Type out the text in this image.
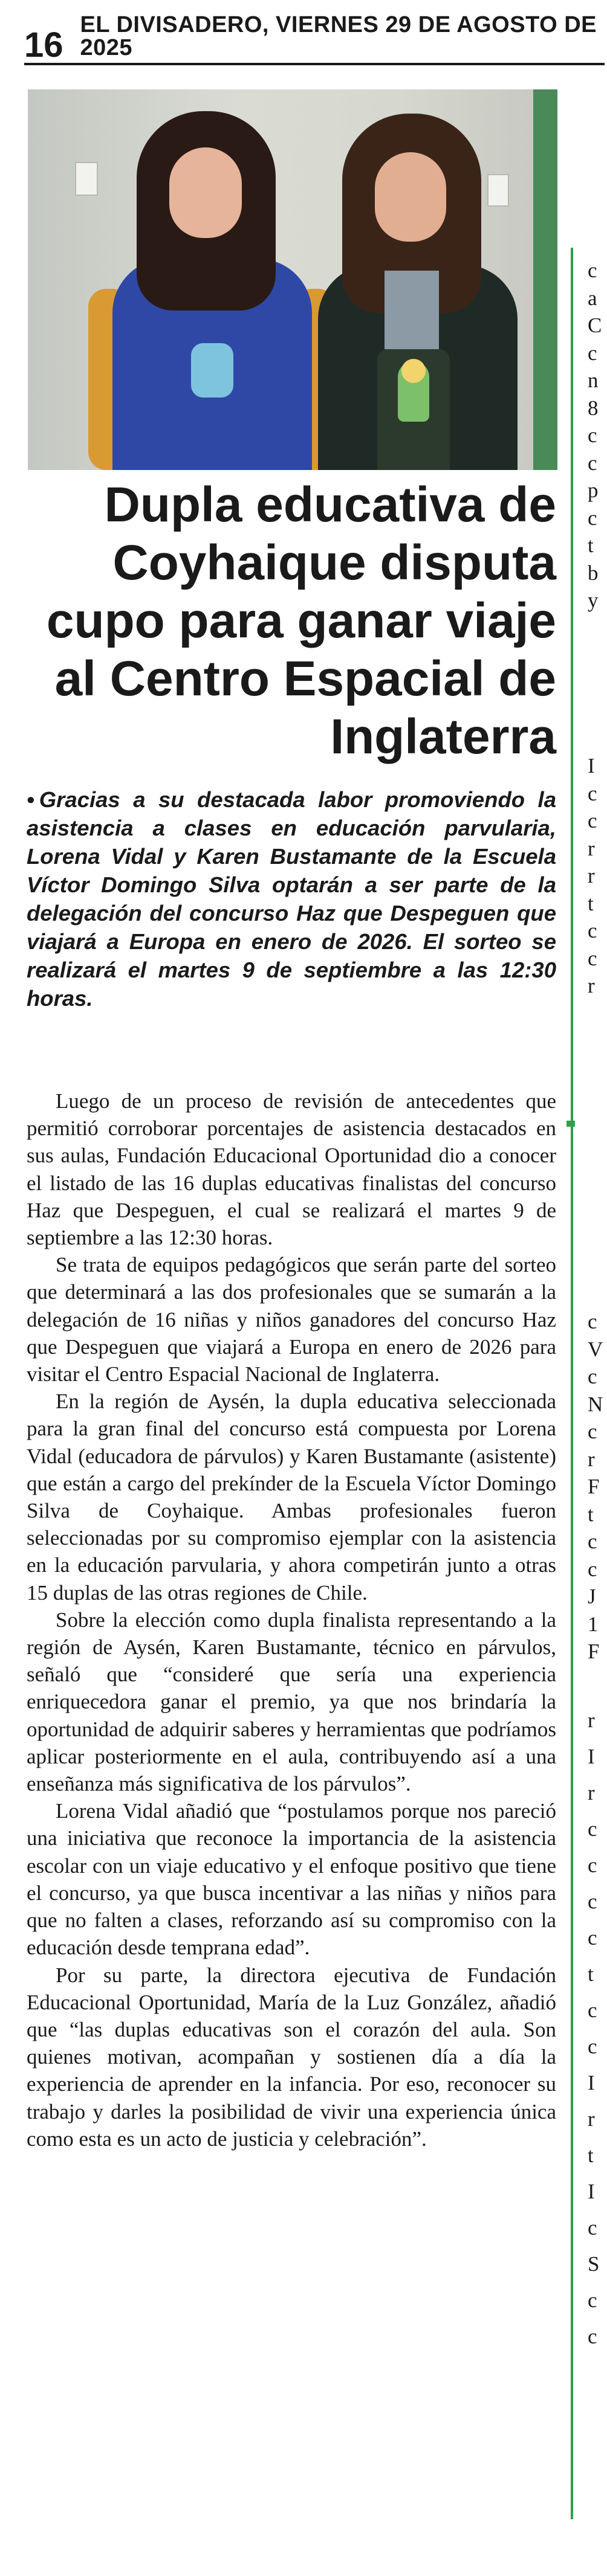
16
EL DIVISADERO, VIERNES 29 DE AGOSTO DE 2025
Dupla educativa de Coyhaique disputa cupo para ganar viaje al Centro Espacial de Inglaterra

• Gracias a su destacada labor promoviendo la asistencia a clases en educación parvularia, Lorena Vidal y Karen Bustamante de la Escuela Víctor Domingo Silva optarán a ser parte de la delegación del concurso Haz que Despeguen que viajará a Europa en enero de 2026. El sorteo se realizará el martes 9 de septiembre a las 12:30 horas.

Luego de un proceso de revisión de antecedentes que permitió corroborar porcentajes de asistencia destacados en sus aulas, Fundación Educacional Oportunidad dio a conocer el listado de las 16 duplas educativas finalistas del concurso Haz que Despeguen, el cual se realizará el martes 9 de septiembre a las 12:30 horas.

Se trata de equipos pedagógicos que serán parte del sorteo que determinará a las dos profesionales que se sumarán a la delegación de 16 niñas y niños ganadores del concurso Haz que Despeguen que viajará a Europa en enero de 2026 para visitar el Centro Espacial Nacional de Inglaterra.

En la región de Aysén, la dupla educativa seleccionada para la gran final del concurso está compuesta por Lorena Vidal (educadora de párvulos) y Karen Bustamante (asistente) que están a cargo del prekínder de la Escuela Víctor Domingo Silva de Coyhaique. Ambas profesionales fueron seleccionadas por su compromiso ejemplar con la asistencia en la educación parvularia, y ahora competirán junto a otras 15 duplas de las otras regiones de Chile.

Sobre la elección como dupla finalista representando a la región de Aysén, Karen Bustamante, técnico en párvulos, señaló que “consideré que sería una experiencia enriquecedora ganar el premio, ya que nos brindaría la oportunidad de adquirir saberes y herramientas que podríamos aplicar posteriormente en el aula, contribuyendo así a una enseñanza más significativa de los párvulos”.

Lorena Vidal añadió que “postulamos porque nos pareció una iniciativa que reconoce la importancia de la asistencia escolar con un viaje educativo y el enfoque positivo que tiene el concurso, ya que busca incentivar a las niñas y niños para que no falten a clases, reforzando así su compromiso con la educación desde temprana edad”.

Por su parte, la directora ejecutiva de Fundación Educacional Oportunidad, María de la Luz González, añadió que “las duplas educativas son el corazón del aula. Son quienes motivan, acompañan y sostienen día a día la experiencia de aprender en la infancia. Por eso, reconocer su trabajo y darles la posibilidad de vivir una experiencia única como esta es un acto de justicia y celebración”.

c
a
C
c
n
8
c
c
p
c
t
b
y
I
c
c
r
r
t
c
c
r
c
V
c
N
c
r
F
t
c
c
J
1
F
r
I
r
c
c
c
c
t
c
c
I
r
t
I
c
S
c
c
